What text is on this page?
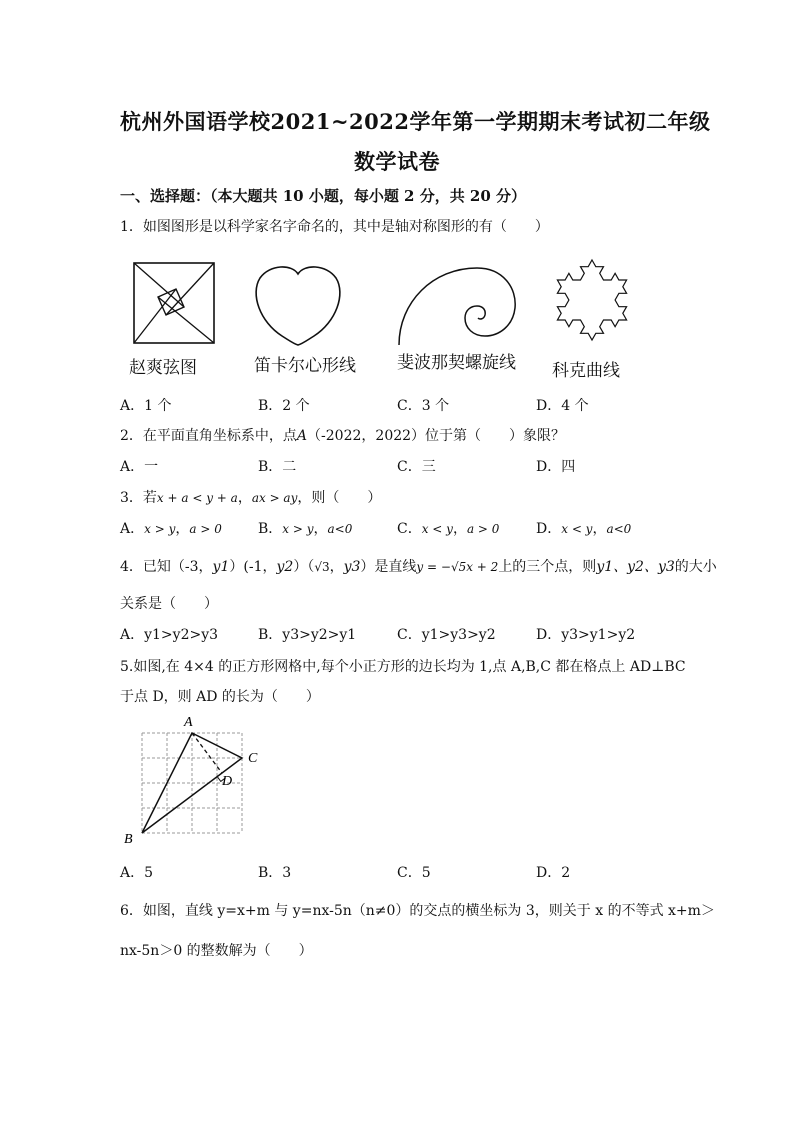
杭州外国语学校2021~2022学年第一学期期末考试初二年级
数学试卷
一、选择题：（本大题共 10 小题，每小题 2 分，共 20 分）
1．如图图形是以科学家名字命名的，其中是轴对称图形的有（　　）
赵爽弦图	笛卡尔心形线 斐波那契螺旋线 科克曲线
A．1 个	B．2 个	C．3 个	D．4 个
2．在平面直角坐标系中，点A（-2022，2022）位于第（　　）象限？
A．一	B．二	C．三	D．四
3．若x + a < y + a，ax > ay，则（　　）
A．x > y，a > 0	B．x > y，a<0	C．x < y，a > 0	D．x < y，a<0
4．已知（-3，y1）(-1，y2）（√3，y3）是直线y = −√5x + 2上的三个点，则y1、y2、y3的大小
关系是（　　）
A．y1>y2>y3	B．y3>y2>y1	C．y1>y3>y2	D．y3>y1>y2
5.如图,在 4×4 的正方形网格中,每个小正方形的边长均为 1,点 A,B,C 都在格点上 AD⊥BC
于点 D，则 AD 的长为（　　）
A
B
C
D
A．5	B．3	C．5	D．2
6．如图，直线 y=x+m 与 y=nx-5n（n≠0）的交点的横坐标为 3，则关于 x 的不等式 x+m＞
nx-5n＞0 的整数解为（　　）
